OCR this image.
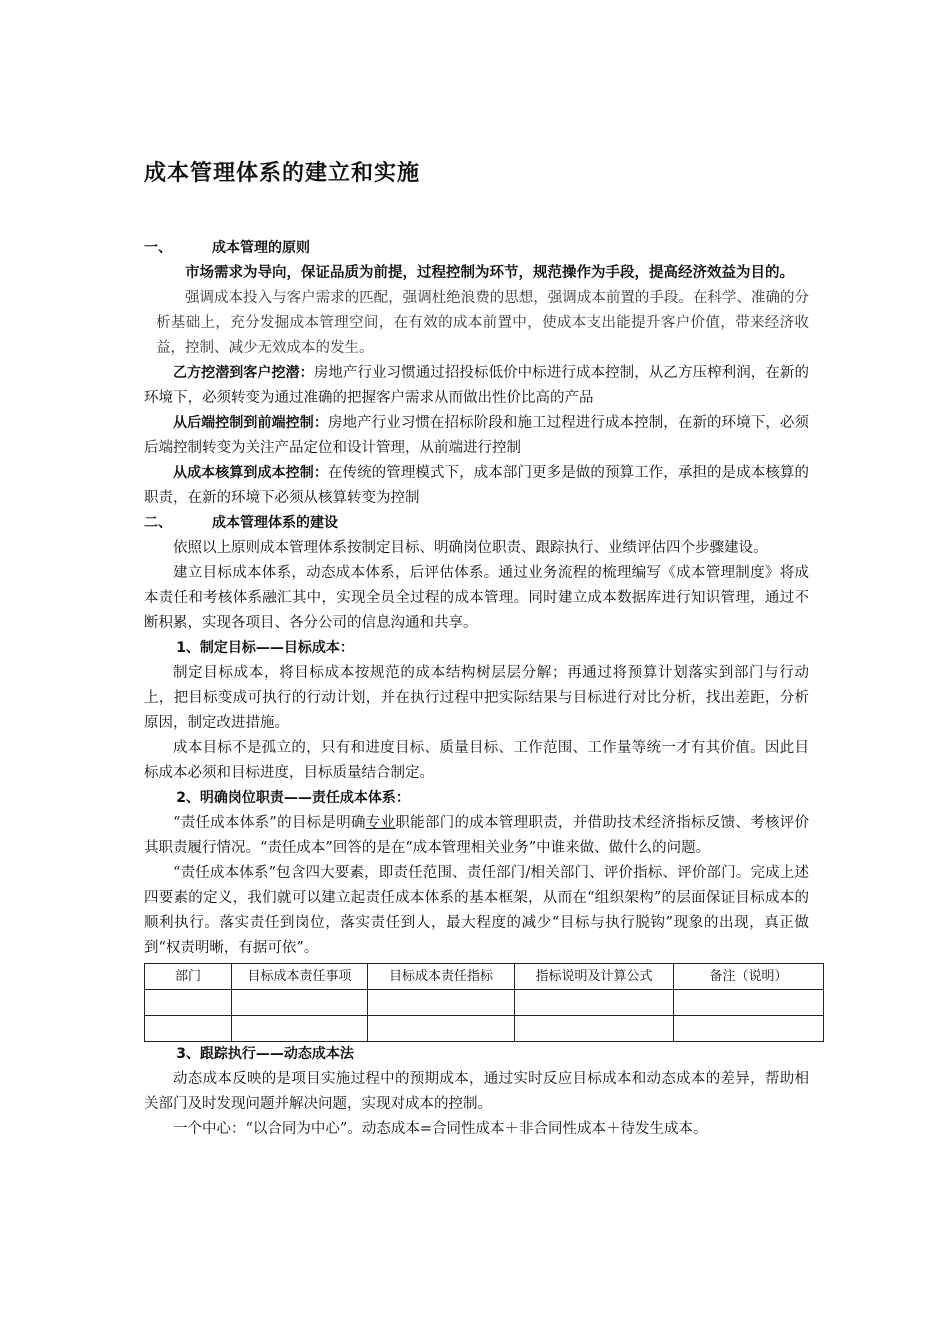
成本管理体系的建立和实施

一、	成本管理的原则

市场需求为导向，保证品质为前提，过程控制为环节，规范操作为手段，提高经济效益为目的。

强调成本投入与客户需求的匹配，强调杜绝浪费的思想，强调成本前置的手段。在科学、准确的分析基础上，充分发掘成本管理空间，在有效的成本前置中，使成本支出能提升客户价值，带来经济收益，控制、减少无效成本的发生。

乙方挖潜到客户挖潜：房地产行业习惯通过招投标低价中标进行成本控制，从乙方压榨利润，在新的环境下，必须转变为通过准确的把握客户需求从而做出性价比高的产品

从后端控制到前端控制：房地产行业习惯在招标阶段和施工过程进行成本控制，在新的环境下，必须后端控制转变为关注产品定位和设计管理，从前端进行控制

从成本核算到成本控制：在传统的管理模式下，成本部门更多是做的预算工作，承担的是成本核算的职责，在新的环境下必须从核算转变为控制

二、	成本管理体系的建设

依照以上原则成本管理体系按制定目标、明确岗位职责、跟踪执行、业绩评估四个步骤建设。

建立目标成本体系，动态成本体系，后评估体系。通过业务流程的梳理编写《成本管理制度》将成本责任和考核体系融汇其中，实现全员全过程的成本管理。同时建立成本数据库进行知识管理，通过不断积累，实现各项目、各分公司的信息沟通和共享。

1、制定目标——目标成本：

制定目标成本，将目标成本按规范的成本结构树层层分解；再通过将预算计划落实到部门与行动上，把目标变成可执行的行动计划，并在执行过程中把实际结果与目标进行对比分析，找出差距，分析原因，制定改进措施。

成本目标不是孤立的，只有和进度目标、质量目标、工作范围、工作量等统一才有其价值。因此目标成本必须和目标进度，目标质量结合制定。

2、明确岗位职责——责任成本体系：

“责任成本体系”的目标是明确专业职能部门的成本管理职责，并借助技术经济指标反馈、考核评价其职责履行情况。“责任成本”回答的是在“成本管理相关业务”中谁来做、做什么的问题。

“责任成本体系”包含四大要素，即责任范围、责任部门/相关部门、评价指标、评价部门。完成上述四要素的定义，我们就可以建立起责任成本体系的基本框架，从而在“组织架构”的层面保证目标成本的顺利执行。落实责任到岗位，落实责任到人，最大程度的减少“目标与执行脱钩”现象的出现，真正做到“权责明晰，有据可依”。

部门	目标成本责任事项	目标成本责任指标	指标说明及计算公式	备注（说明）

3、跟踪执行——动态成本法

动态成本反映的是项目实施过程中的预期成本，通过实时反应目标成本和动态成本的差异，帮助相关部门及时发现问题并解决问题，实现对成本的控制。

一个中心：“以合同为中心”。动态成本=合同性成本＋非合同性成本＋待发生成本。
